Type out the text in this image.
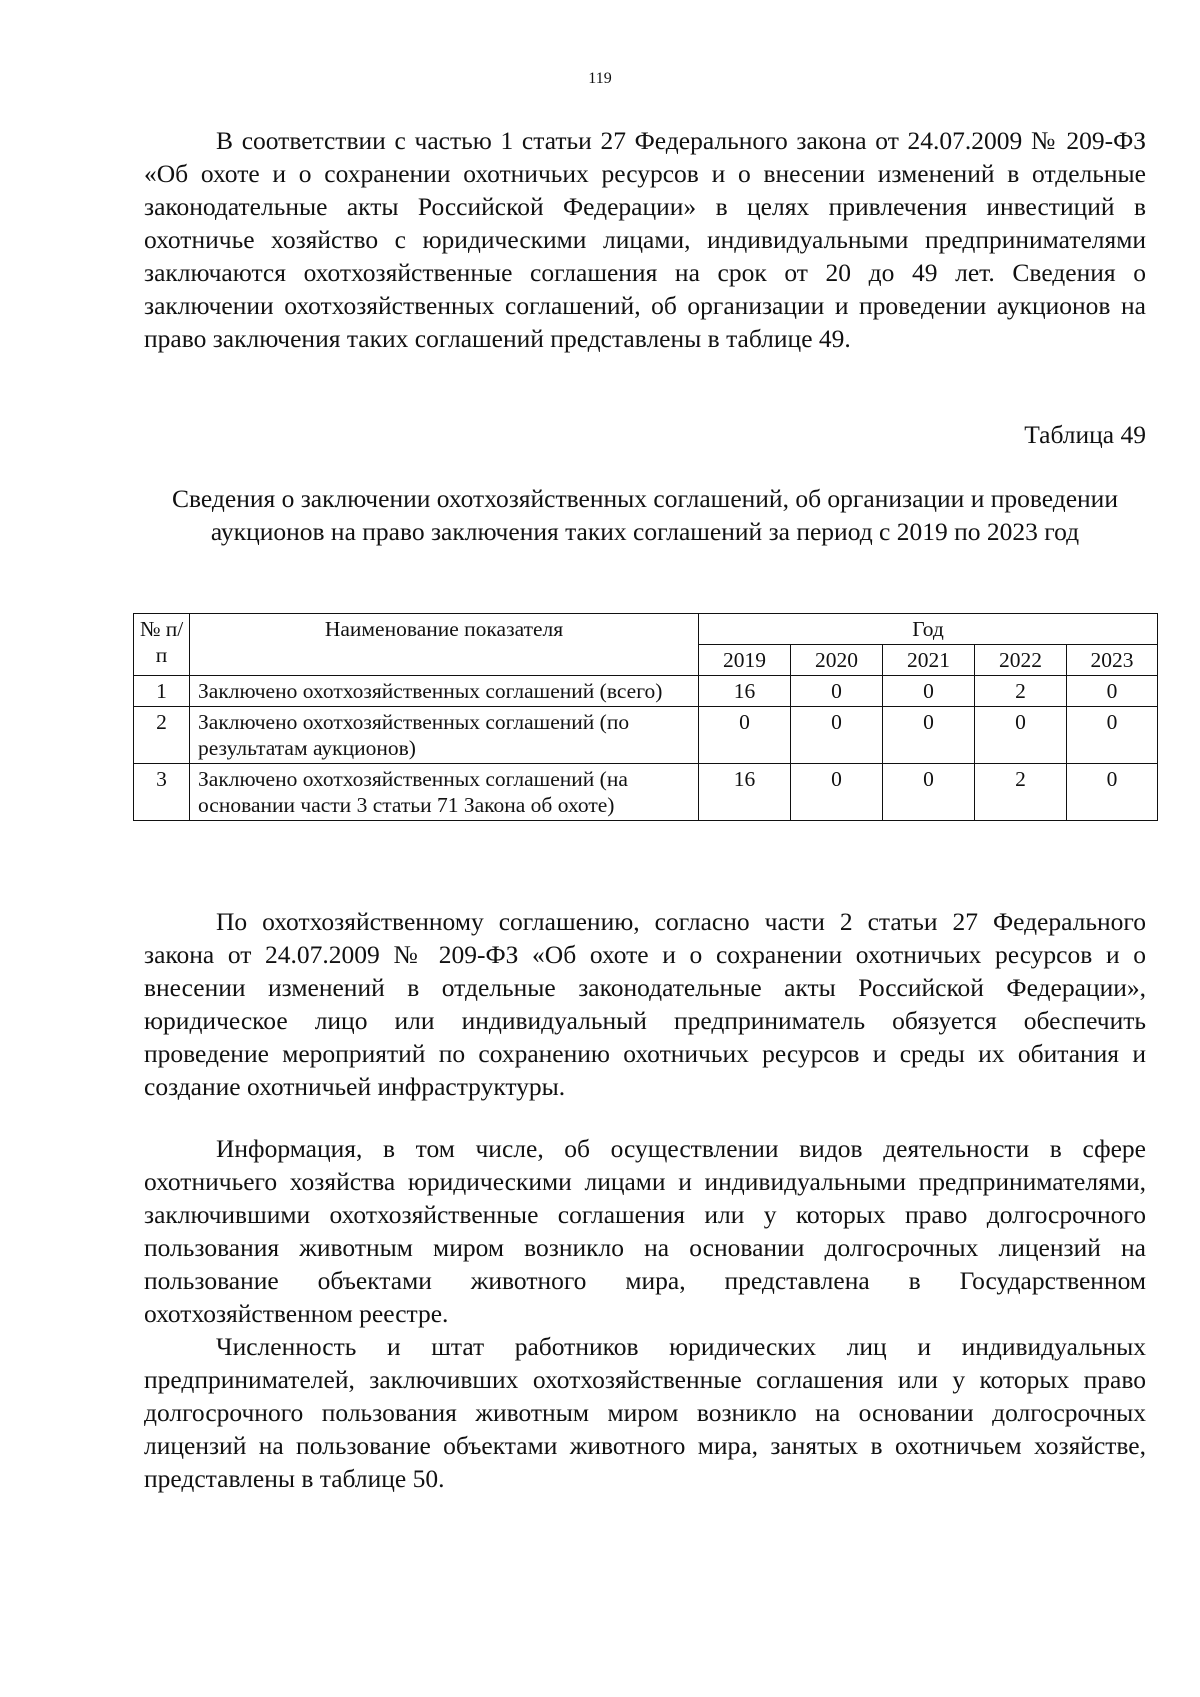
119

В соответствии с частью 1 статьи 27 Федерального закона от 24.07.2009 № 209-ФЗ «Об охоте и о сохранении охотничьих ресурсов и о внесении изменений в отдельные законодательные акты Российской Федерации» в целях привлечения инвестиций в охотничье хозяйство с юридическими лицами, индивидуальными предпринимателями заключаются охотхозяйственные соглашения на срок от 20 до 49 лет. Сведения о заключении охотхозяйственных соглашений, об организации и проведении аукционов на право заключения таких соглашений представлены в таблице 49.

Таблица 49

Сведения о заключении охотхозяйственных соглашений, об организации и проведении аукционов на право заключения таких соглашений за период с 2019 по 2023 год
№ п/п	Наименование показателя	Год				
		2019	2020	2021	2022	2023
1	Заключено охотхозяйственных соглашений (всего)	16	0	0	2	0
2	Заключено охотхозяйственных соглашений (по результатам аукционов)	0	0	0	0	0
3	Заключено охотхозяйственных соглашений (на основании части 3 статьи 71 Закона об охоте)	16	0	0	2	0

По охотхозяйственному соглашению, согласно части 2 статьи 27 Федерального закона от 24.07.2009 № 209-ФЗ «Об охоте и о сохранении охотничьих ресурсов и о внесении изменений в отдельные законодательные акты Российской Федерации», юридическое лицо или индивидуальный предприниматель обязуется обеспечить проведение мероприятий по сохранению охотничьих ресурсов и среды их обитания и создание охотничьей инфраструктуры.

Информация, в том числе, об осуществлении видов деятельности в сфере охотничьего хозяйства юридическими лицами и индивидуальными предпринимателями, заключившими охотхозяйственные соглашения или у которых право долгосрочного пользования животным миром возникло на основании долгосрочных лицензий на пользование объектами животного мира, представлена в Государственном охотхозяйственном реестре.

Численность и штат работников юридических лиц и индивидуальных предпринимателей, заключивших охотхозяйственные соглашения или у которых право долгосрочного пользования животным миром возникло на основании долгосрочных лицензий на пользование объектами животного мира, занятых в охотничьем хозяйстве, представлены в таблице 50.
